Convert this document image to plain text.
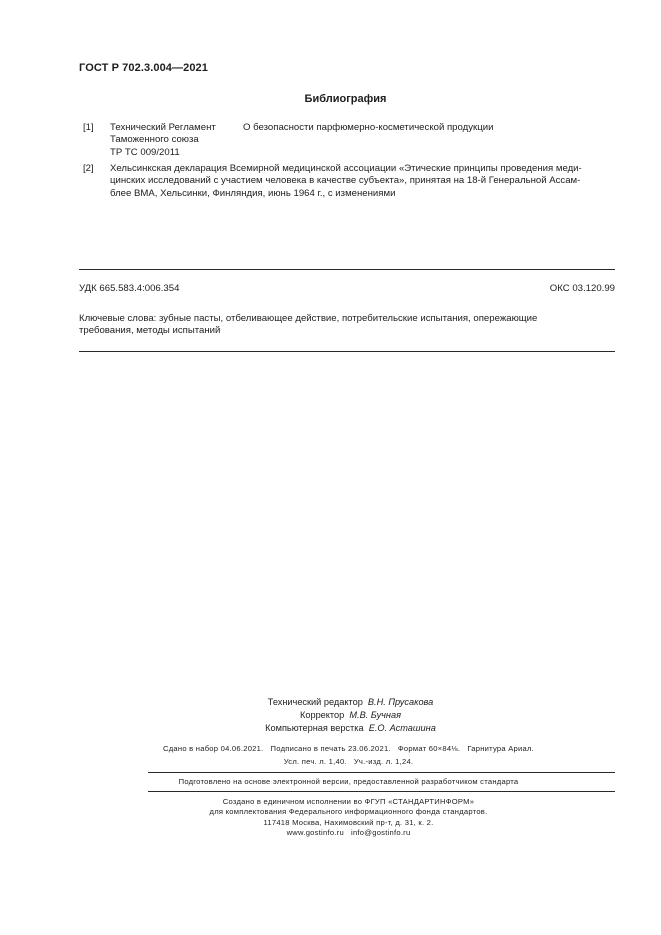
ГОСТ Р 702.3.004—2021
Библиография
[1] Технический Регламент
Таможенного союза
ТР ТС 009/2011
О безопасности парфюмерно-косметической продукции
[2] Хельсинкская декларация Всемирной медицинской ассоциации «Этические принципы проведения меди-
цинских исследований с участием человека в качестве субъекта», принятая на 18-й Генеральной Ассам-
блее ВМА, Хельсинки, Финляндия, июнь 1964 г., с изменениями
УДК 665.583.4:006.354	ОКС 03.120.99
Ключевые слова: зубные пасты, отбеливающее действие, потребительские испытания, опережающие
требования, методы испытаний
Технический редактор В.Н. Прусакова
Корректор М.В. Бучная
Компьютерная верстка Е.О. Асташина
Сдано в набор 04.06.2021.   Подписано в печать 23.06.2021.   Формат 60×84⅛.   Гарнитура Ариал.
Усл. печ. л. 1,40.   Уч.-изд. л. 1,24.
Подготовлено на основе электронной версии, предоставленной разработчиком стандарта
Создано в единичном исполнении во ФГУП «СТАНДАРТИНФОРМ»
для комплектования Федерального информационного фонда стандартов.
117418 Москва, Нахимовский пр-т, д. 31, к. 2.
www.gostinfo.ru info@gostinfo.ru
